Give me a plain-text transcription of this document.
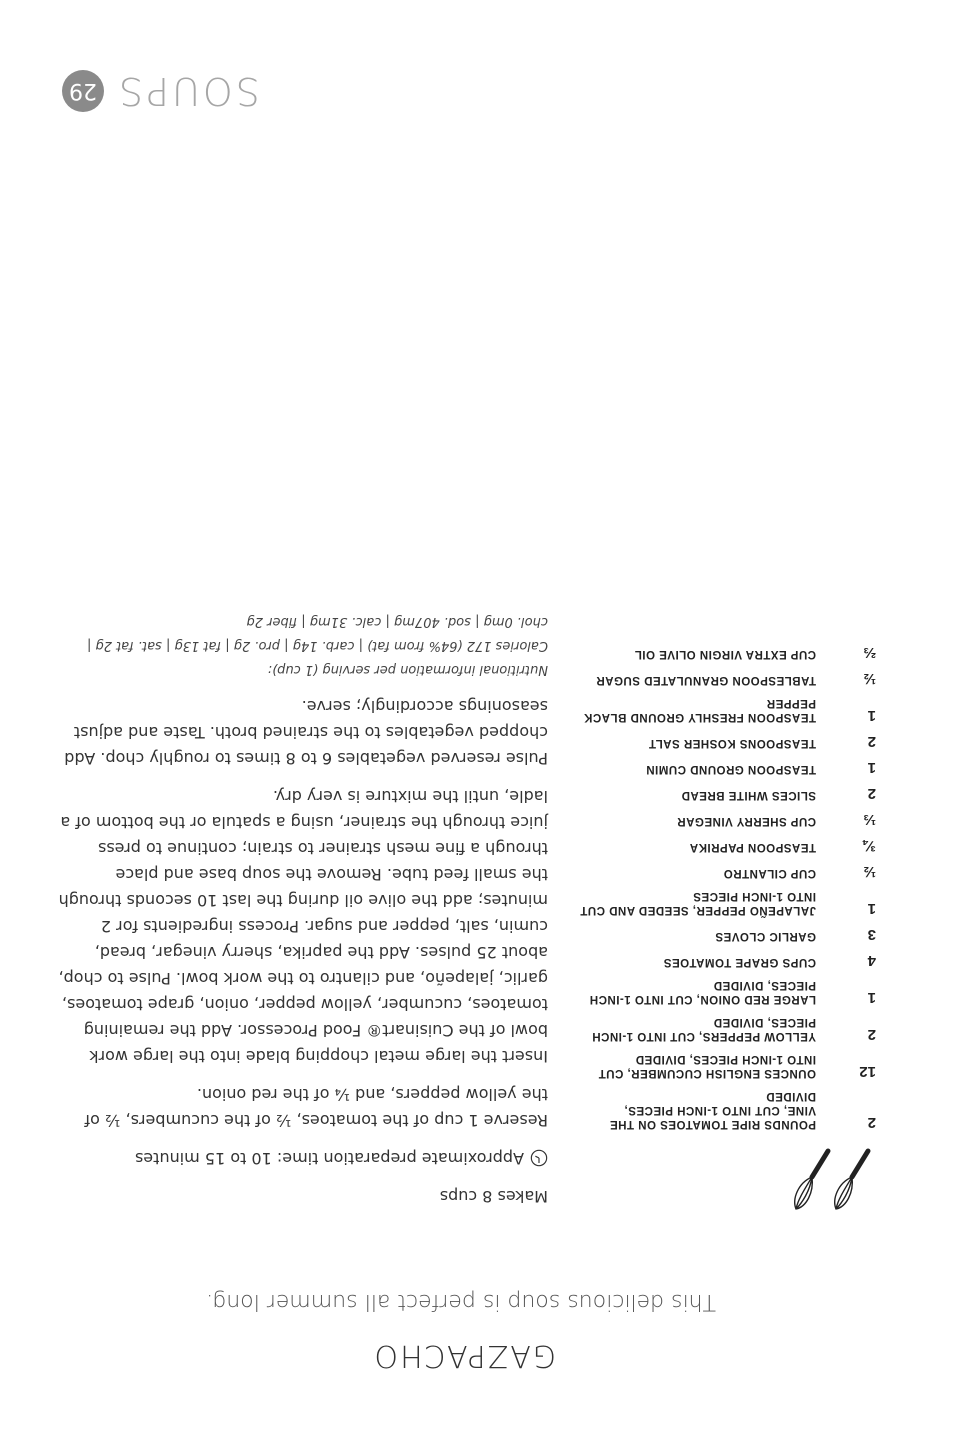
SOUPS
29
GAZPACHO
This delicious soup is perfect all summer long.
2
POUNDS RIPE TOMATOES ON THE VINE, CUT INTO 1-INCH PIECES, DIVIDED
12
OUNCES ENGLISH CUCUMBER, CUT INTO 1-INCH PIECES, DIVIDED
2
YELLOW PEPPERS, CUT INTO 1-INCH PIECES, DIVIDED
1
LARGE RED ONION, CUT INTO 1-INCH PIECES, DIVIDED
4
CUPS GRAPE TOMATOES
3
GARLIC CLOVES
1
JALAPEÑO PEPPER, SEEDED AND CUT INTO 1-INCH PIECES
½
CUP CILANTRO
¾
TEASPOON PAPRIKA
⅓
CUP SHERRY VINEGAR
2
SLICES WHITE BREAD
1
TEASPOON GROUND CUMIN
2
TEASPOONS KOSHER SALT
1
TEASPOON FRESHLY GROUND BLACK PEPPER
½
TABLESPOON GRANULATED SUGAR
⅔
CUP EXTRA VIRGIN OLIVE OIL

Makes 8 cups

Approximate preparation time: 10 to 15 minutes

Reserve 1 cup of the tomatoes, ½ of the cucumbers, ½ of the yellow peppers, and ¼ of the red onion.

Insert the large metal chopping blade into the large work bowl of the Cuisinart® Food Processor. Add the remaining tomatoes, cucumber, yellow pepper, onion, grape tomatoes, garlic, jalapeño, and cilantro to the work bowl. Pulse to chop, about 25 pulses. Add the paprika, sherry vinegar, bread, cumin, salt, pepper and sugar. Process ingredients for 2 minutes; add the olive oil during the last 10 seconds through the small feed tube. Remove the soup base and place through a fine mesh strainer to strain; continue to press juice through the strainer, using a spatula or the bottom of a ladle, until the mixture is very dry.

Pulse reserved vegetables 6 to 8 times to roughly chop. Add chopped vegetables to the strained broth. Taste and adjust seasonings accordingly; serve.

Nutritional information per serving (1 cup):
Calories 172 (64% from fat) | carb. 14g | pro. 2g | fat 13g | sat. fat 2g | chol. 0mg | sod. 407mg | calc. 31mg | fiber 2g
